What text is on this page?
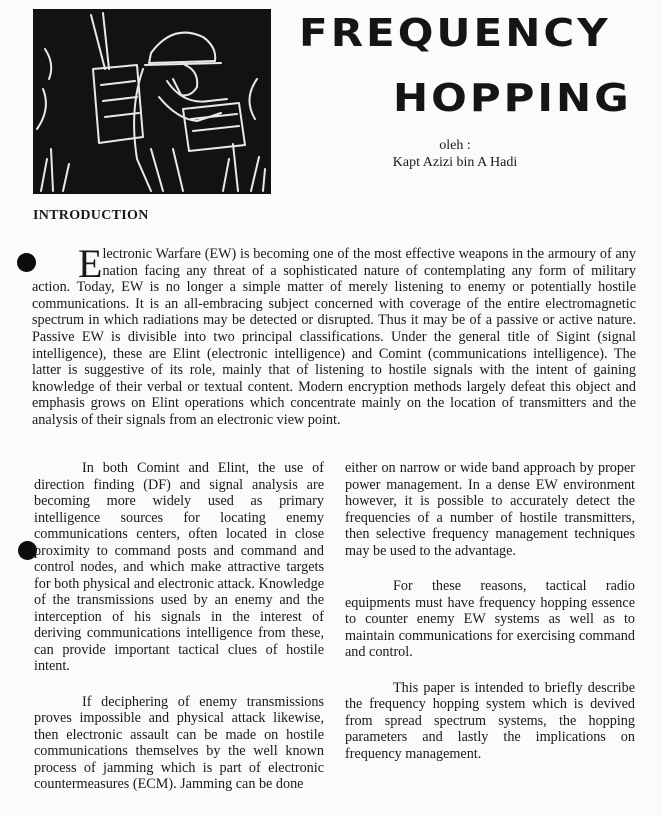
FREQUENCY
HOPPING
oleh :
Kapt Azizi bin A Hadi
INTRODUCTION

Electronic Warfare (EW) is becoming one of the most effective weapons in the armoury of any nation facing any threat of a sophisticated nature of contemplating any form of military action. Today, EW is no longer a simple matter of merely listening to enemy or potentially hostile communications. It is an all-embracing subject concerned with coverage of the entire electromagnetic spectrum in which radiations may be detected or disrupted. Thus it may be of a passive or active nature. Passive EW is divisible into two principal classifications. Under the general title of Sigint (signal intelligence), these are Elint (electronic intelligence) and Comint (communications intelligence). The latter is suggestive of its role, mainly that of listening to hostile signals with the intent of gaining knowledge of their verbal or textual content. Modern encryption methods largely defeat this object and emphasis grows on Elint operations which concentrate mainly on the location of transmitters and the analysis of their signals from an electronic view point.

In both Comint and Elint, the use of direction finding (DF) and signal analysis are becoming more widely used as primary intelligence sources for locating enemy communications centers, often located in close proximity to command posts and command and control nodes, and which make attractive targets for both physical and electronic attack. Knowledge of the transmissions used by an enemy and the interception of his signals in the interest of deriving communications intelligence from these, can provide important tactical clues of hostile intent.

If deciphering of enemy transmissions proves impossible and physical attack likewise, then electronic assault can be made on hostile communications themselves by the well known process of jamming which is part of electronic countermeasures (ECM). Jamming can be done

either on narrow or wide band approach by proper power management. In a dense EW environment however, it is possible to accurately detect the frequencies of a number of hostile transmitters, then selective frequency management techniques may be used to the advantage.

For these reasons, tactical radio equipments must have frequency hopping essence to counter enemy EW systems as well as to maintain communications for exercising command and control.

This paper is intended to briefly describe the frequency hopping system which is devived from spread spectrum systems, the hopping parameters and lastly the implications on frequency management.
